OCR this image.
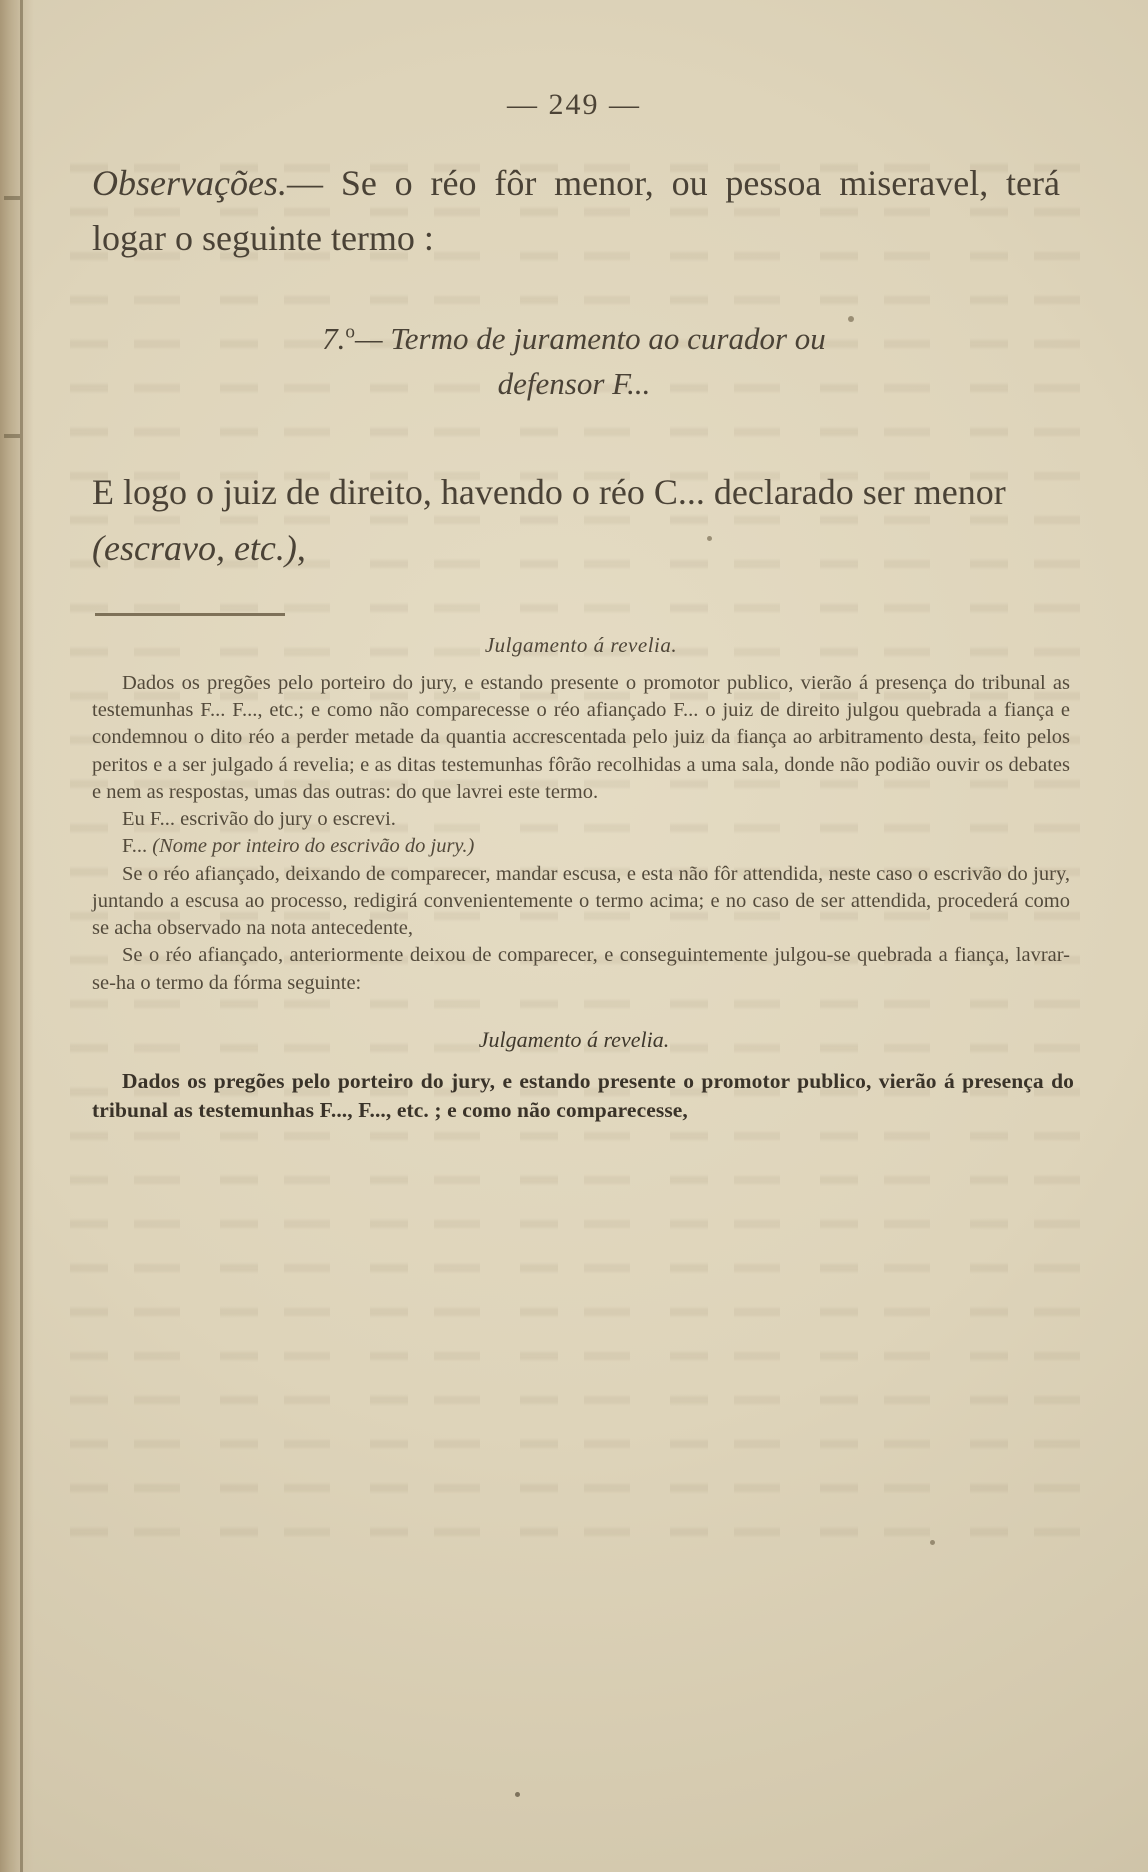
— 249 —

Observações.— Se o réo fôr menor, ou pessoa miseravel, terá logar o seguinte termo :

7.$^o$— Termo de juramento ao curador ou
defensor F...

E logo o juiz de direito, havendo o réo C... declarado ser menor (escravo, etc.),

Julgamento á revelia.

Dados os pregões pelo porteiro do jury, e estando presente o promotor publico, vierão á presença do tribunal as testemunhas F... F..., etc.; e como não comparecesse o réo afiançado F... o juiz de direito julgou quebrada a fiança e condemnou o dito réo a perder metade da quantia accrescentada pelo juiz da fiança ao arbitramento desta, feito pelos peritos e a ser julgado á revelia; e as ditas testemunhas fôrão recolhidas a uma sala, donde não podião ouvir os debates e nem as respostas, umas das outras: do que lavrei este termo.

Eu F... escrivão do jury o escrevi.

F... (Nome por inteiro do escrivão do jury.)

Se o réo afiançado, deixando de comparecer, mandar escusa, e esta não fôr attendida, neste caso o escrivão do jury, juntando a escusa ao processo, redigirá convenientemente o termo acima; e no caso de ser attendida, procederá como se acha observado na nota antecedente,

Se o réo afiançado, anteriormente deixou de comparecer, e conseguintemente julgou-se quebrada a fiança, lavrar-se-ha o termo da fórma seguinte:

Julgamento á revelia.

Dados os pregões pelo porteiro do jury, e estando presente o promotor publico, vierão á presença do tribunal as testemunhas F..., F..., etc. ; e como não comparecesse,
